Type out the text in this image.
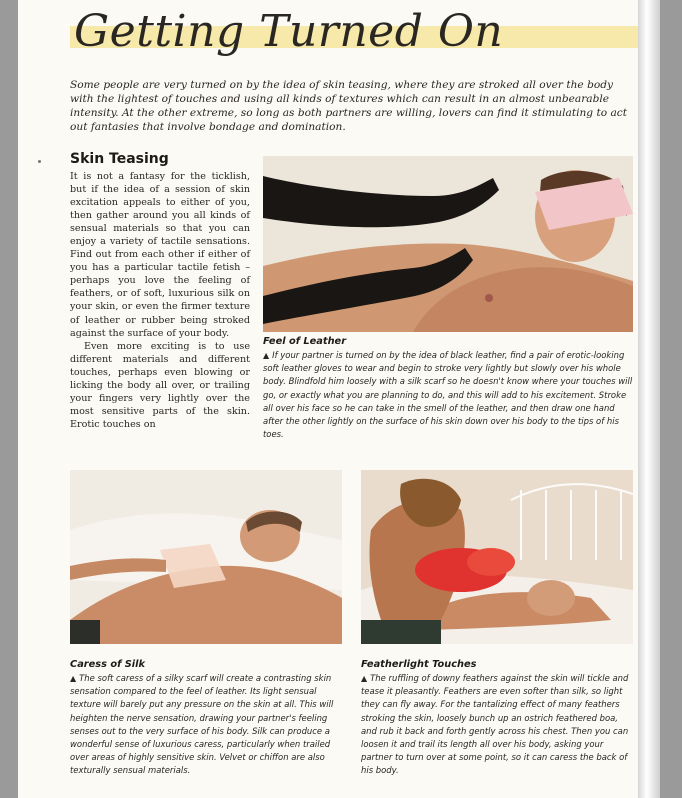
Getting Turned On

Some people are very turned on by the idea of skin teasing, where they are stroked all over the body with the lightest of touches and using all kinds of textures which can result in an almost unbearable intensity. At the other extreme, so long as both partners are willing, lovers can find it stimulating to act out fantasies that involve bondage and domination.

Skin Teasing

It is not a fantasy for the ticklish, but if the idea of a session of skin excitation appeals to either of you, then gather around you all kinds of sensual materials so that you can enjoy a variety of tactile sensations. Find out from each other if either of you has a particular tactile fetish – perhaps you love the feeling of feathers, or of soft, luxurious silk on your skin, or even the firmer texture of leather or rubber being stroked against the surface of your body.

Even more exciting is to use different materials and different touches, perhaps even blowing or licking the body all over, or trailing your fingers very lightly over the most sensitive parts of the skin. Erotic touches on

Feel of Leather

▲ If your partner is turned on by the idea of black leather, find a pair of erotic-looking soft leather gloves to wear and begin to stroke very lightly but slowly over his whole body. Blindfold him loosely with a silk scarf so he doesn't know where your touches will go, or exactly what you are planning to do, and this will add to his excitement. Stroke all over his face so he can take in the smell of the leather, and then draw one hand after the other lightly on the surface of his skin down over his body to the tips of his toes.

Caress of Silk

▲ The soft caress of a silky scarf will create a contrasting skin sensation compared to the feel of leather. Its light sensual texture will barely put any pressure on the skin at all. This will heighten the nerve sensation, drawing your partner's feeling senses out to the very surface of his body. Silk can produce a wonderful sense of luxurious caress, particularly when trailed over areas of highly sensitive skin. Velvet or chiffon are also texturally sensual materials.

Featherlight Touches

▲ The ruffling of downy feathers against the skin will tickle and tease it pleasantly. Feathers are even softer than silk, so light they can fly away. For the tantalizing effect of many feathers stroking the skin, loosely bunch up an ostrich feathered boa, and rub it back and forth gently across his chest. Then you can loosen it and trail its length all over his body, asking your partner to turn over at some point, so it can caress the back of his body.
